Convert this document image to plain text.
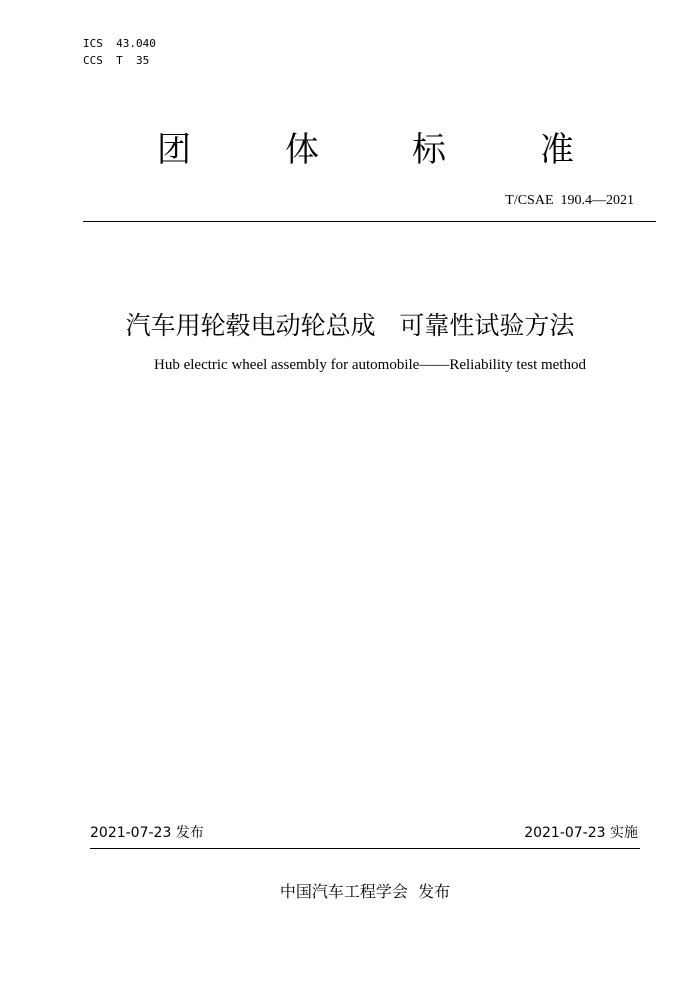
ICS  43.040
CCS  T  35
团	体	标	准
T/CSAE  190.4—2021
汽车用轮毂电动轮总成   可靠性试验方法
Hub electric wheel assembly for automobile——Reliability test method
2021-07-23 发布	2021-07-23 实施
中国汽车工程学会  发布
